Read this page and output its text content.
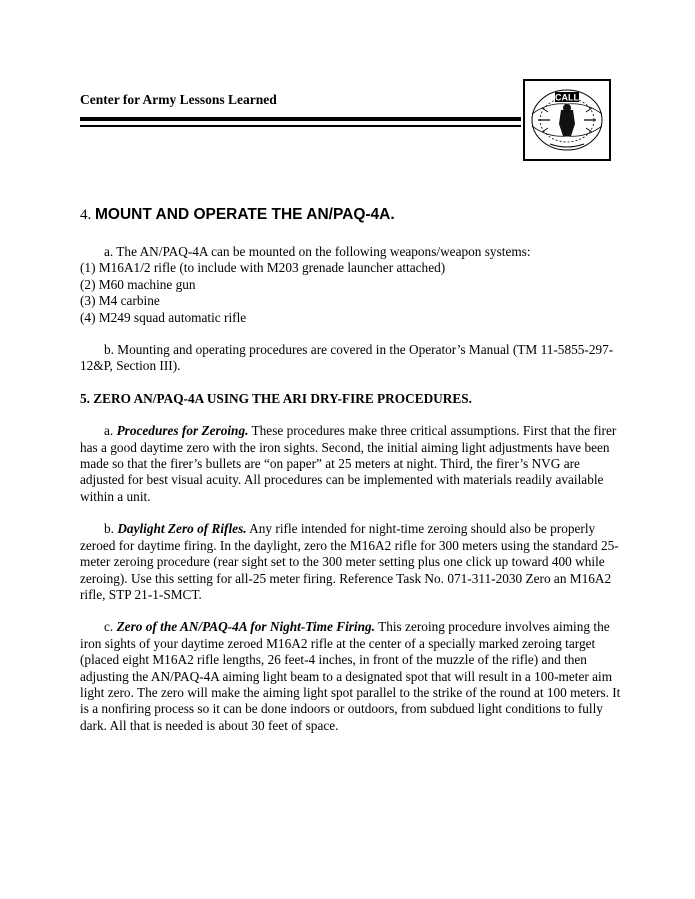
Center for Army Lessons Learned	CALL
4. MOUNT AND OPERATE THE AN/PAQ-4A.

a. The AN/PAQ-4A can be mounted on the following weapons/weapon systems:

(1) M16A1/2 rifle (to include with M203 grenade launcher attached)
(2) M60 machine gun
(3) M4 carbine
(4) M249 squad automatic rifle

b. Mounting and operating procedures are covered in the Operator’s Manual (TM 11-5855-297-12&P, Section III).

5. ZERO AN/PAQ-4A USING THE ARI DRY-FIRE PROCEDURES.

a. Procedures for Zeroing. These procedures make three critical assumptions. First that the firer has a good daytime zero with the iron sights. Second, the initial aiming light adjustments have been made so that the firer’s bullets are “on paper” at 25 meters at night. Third, the firer’s NVG are adjusted for best visual acuity. All procedures can be implemented with materials readily available within a unit.

b. Daylight Zero of Rifles. Any rifle intended for night-time zeroing should also be properly zeroed for daytime firing. In the daylight, zero the M16A2 rifle for 300 meters using the standard 25-meter zeroing procedure (rear sight set to the 300 meter setting plus one click up toward 400 while zeroing). Use this setting for all-25 meter firing. Reference Task No. 071-311-2030 Zero an M16A2 rifle, STP 21-1-SMCT.

c. Zero of the AN/PAQ-4A for Night-Time Firing. This zeroing procedure involves aiming the iron sights of your daytime zeroed M16A2 rifle at the center of a specially marked zeroing target (placed eight M16A2 rifle lengths, 26 feet-4 inches, in front of the muzzle of the rifle) and then adjusting the AN/PAQ-4A aiming light beam to a designated spot that will result in a 100-meter aim light zero. The zero will make the aiming light spot parallel to the strike of the round at 100 meters. It is a nonfiring process so it can be done indoors or outdoors, from subdued light conditions to fully dark. All that is needed is about 30 feet of space.
